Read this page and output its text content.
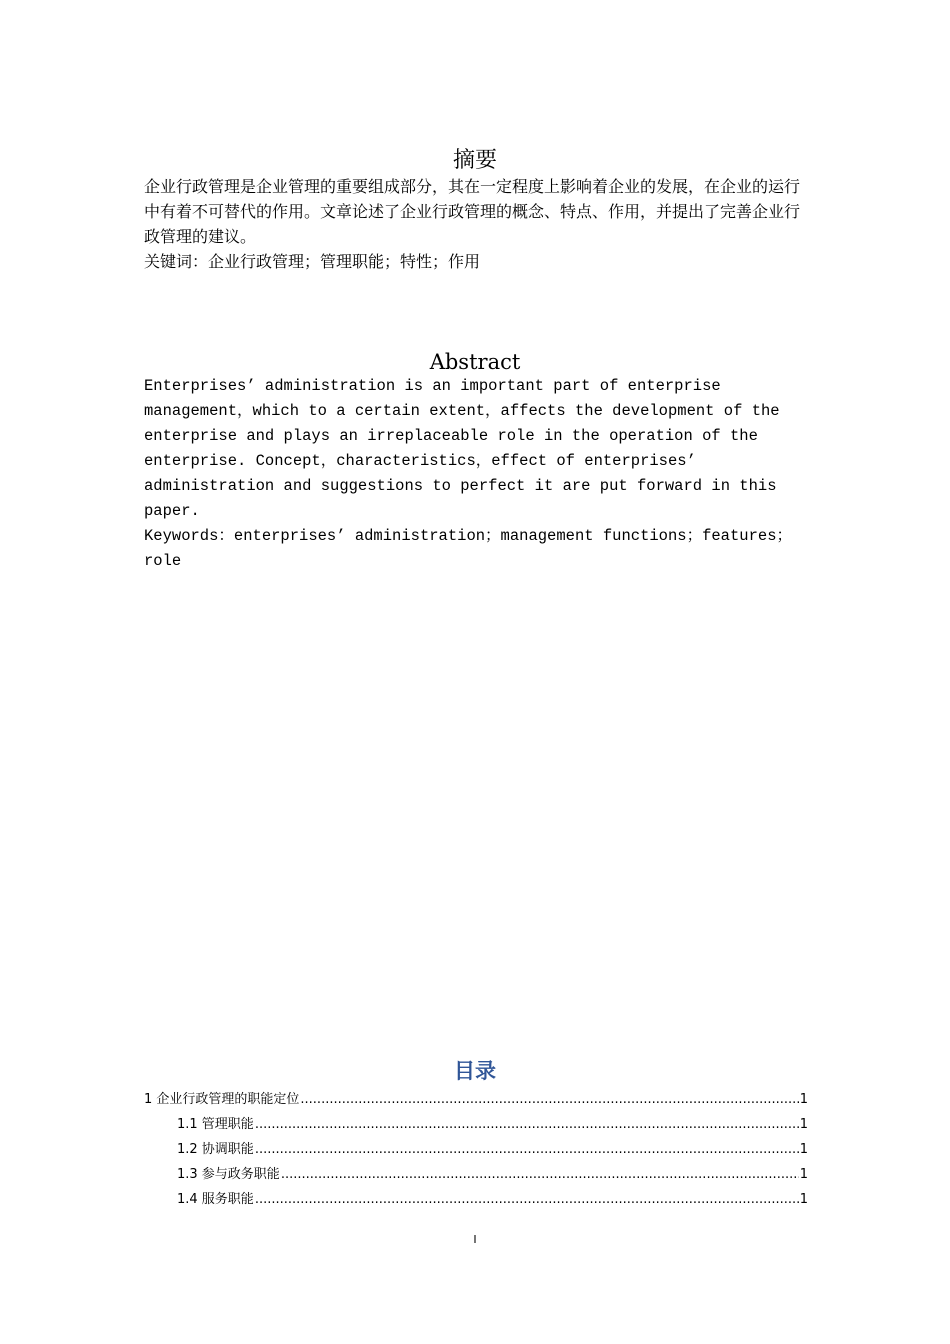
摘要

企业行政管理是企业管理的重要组成部分，其在一定程度上影响着企业的发展，在企业的运行中有着不可替代的作用。文章论述了企业行政管理的概念、特点、作用，并提出了完善企业行政管理的建议。

关键词：企业行政管理；管理职能；特性；作用

Abstract

Enterprises’ administration is an important part of enterprise management，which to a certain extent，affects the development of the enterprise and plays an irreplaceable role in the operation of the enterprise. Concept，characteristics，effect of enterprises’ administration and suggestions to perfect it are put forward in this paper.

Keywords：enterprises’ administration；management functions；features；role

目录
1 企业行政管理的职能定位 .....	1
1.1 管理职能 .....	1
1.2 协调职能 .....	1
1.3 参与政务职能 .....	1
1.4 服务职能 .....	1
I
